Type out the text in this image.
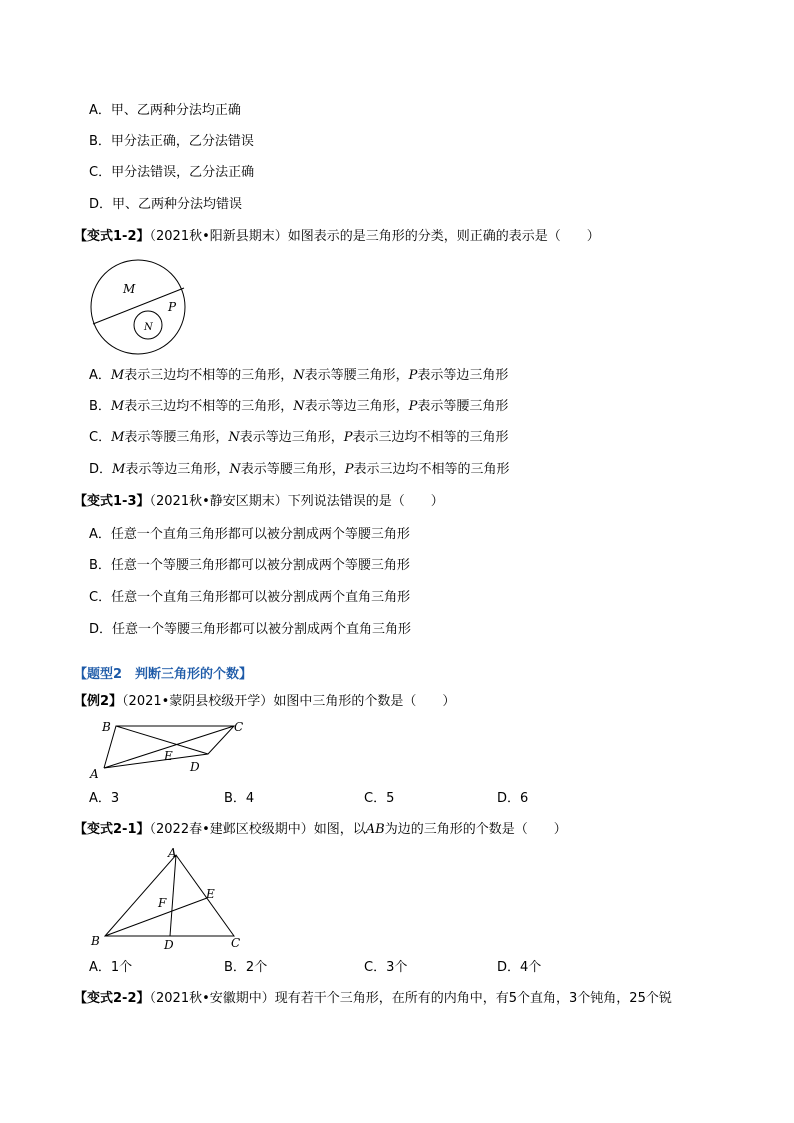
A．甲、乙两种分法均正确
B．甲分法正确，乙分法错误
C．甲分法错误，乙分法正确
D．甲、乙两种分法均错误
【变式1-2】（2021秋•阳新县期末）如图表示的是三角形的分类，则正确的表示是（　　）
M
P
N
A．M表示三边均不相等的三角形，N表示等腰三角形，P表示等边三角形
B．M表示三边均不相等的三角形，N表示等边三角形，P表示等腰三角形
C．M表示等腰三角形，N表示等边三角形，P表示三边均不相等的三角形
D．M表示等边三角形，N表示等腰三角形，P表示三边均不相等的三角形
【变式1-3】（2021秋•静安区期末）下列说法错误的是（　　）
A．任意一个直角三角形都可以被分割成两个等腰三角形
B．任意一个等腰三角形都可以被分割成两个等腰三角形
C．任意一个直角三角形都可以被分割成两个直角三角形
D．任意一个等腰三角形都可以被分割成两个直角三角形
【题型2　判断三角形的个数】
【例2】（2021•蒙阴县校级开学）如图中三角形的个数是（　　）
B	C
E
D
A
A．3	B．4	C．5	D．6
【变式2-1】（2022春•建邺区校级期中）如图，以AB为边的三角形的个数是（　　）
A
E
F
B	D	C
A．1个	B．2个	C．3个	D．4个
【变式2-2】（2021秋•安徽期中）现有若干个三角形，在所有的内角中，有5个直角，3个钝角，25个锐
